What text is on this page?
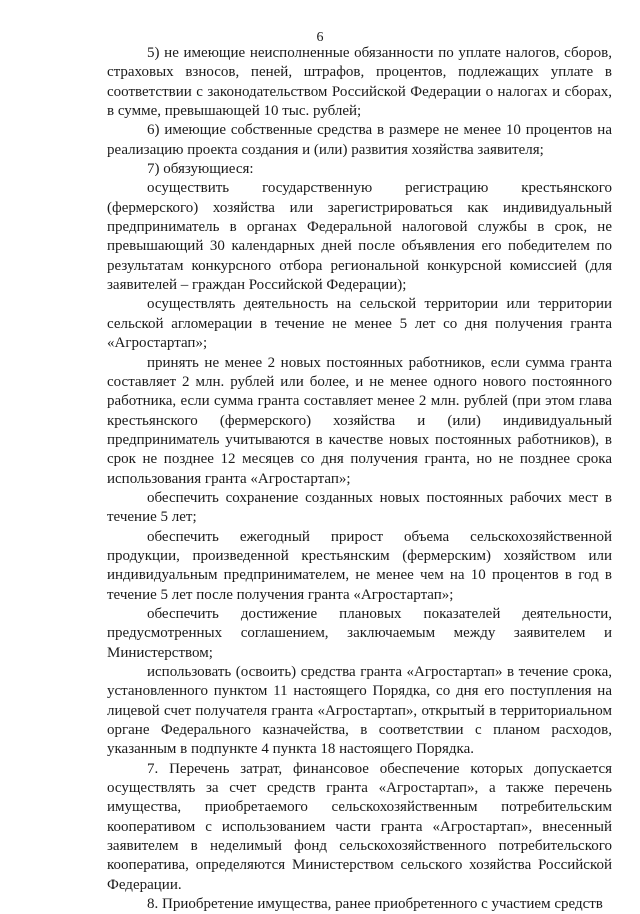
6

5) не имеющие неисполненные обязанности по уплате налогов, сборов, страховых взносов, пеней, штрафов, процентов, подлежащих уплате в соответствии с законодательством Российской Федерации о налогах и сборах, в сумме, превышающей 10 тыс. рублей;

6) имеющие собственные средства в размере не менее 10 процентов на реализацию проекта создания и (или) развития хозяйства заявителя;

7) обязующиеся:

осуществить государственную регистрацию крестьянского (фермерского) хозяйства или зарегистрироваться как индивидуальный предприниматель в органах Федеральной налоговой службы в срок, не превышающий 30 календарных дней после объявления его победителем по результатам конкурсного отбора региональной конкурсной комиссией (для заявителей – граждан Российской Федерации);

осуществлять деятельность на сельской территории или территории сельской агломерации в течение не менее 5 лет со дня получения гранта «Агростартап»;

принять не менее 2 новых постоянных работников, если сумма гранта составляет 2 млн. рублей или более, и не менее одного нового постоянного работника, если сумма гранта составляет менее 2 млн. рублей (при этом глава крестьянского (фермерского) хозяйства и (или) индивидуальный предприниматель учитываются в качестве новых постоянных работников), в срок не позднее 12 месяцев со дня получения гранта, но не позднее срока использования гранта «Агростартап»;

обеспечить сохранение созданных новых постоянных рабочих мест в течение 5 лет;

обеспечить ежегодный прирост объема сельскохозяйственной продукции, произведенной крестьянским (фермерским) хозяйством или индивидуальным предпринимателем, не менее чем на 10 процентов в год в течение 5 лет после получения гранта «Агростартап»;

обеспечить достижение плановых показателей деятельности, предусмотренных соглашением, заключаемым между заявителем и Министерством;

использовать (освоить) средства гранта «Агростартап» в течение срока, установленного пунктом 11 настоящего Порядка, со дня его поступления на лицевой счет получателя гранта «Агростартап», открытый в территориальном органе Федерального казначейства, в соответствии с планом расходов, указанным в подпункте 4 пункта 18 настоящего Порядка.

7. Перечень затрат, финансовое обеспечение которых допускается осуществлять за счет средств гранта «Агростартап», а также перечень имущества, приобретаемого сельскохозяйственным потребительским кооперативом с использованием части гранта «Агростартап», внесенный заявителем в неделимый фонд сельскохозяйственного потребительского кооператива, определяются Министерством сельского хозяйства Российской Федерации.

8. Приобретение имущества, ранее приобретенного с участием средств
